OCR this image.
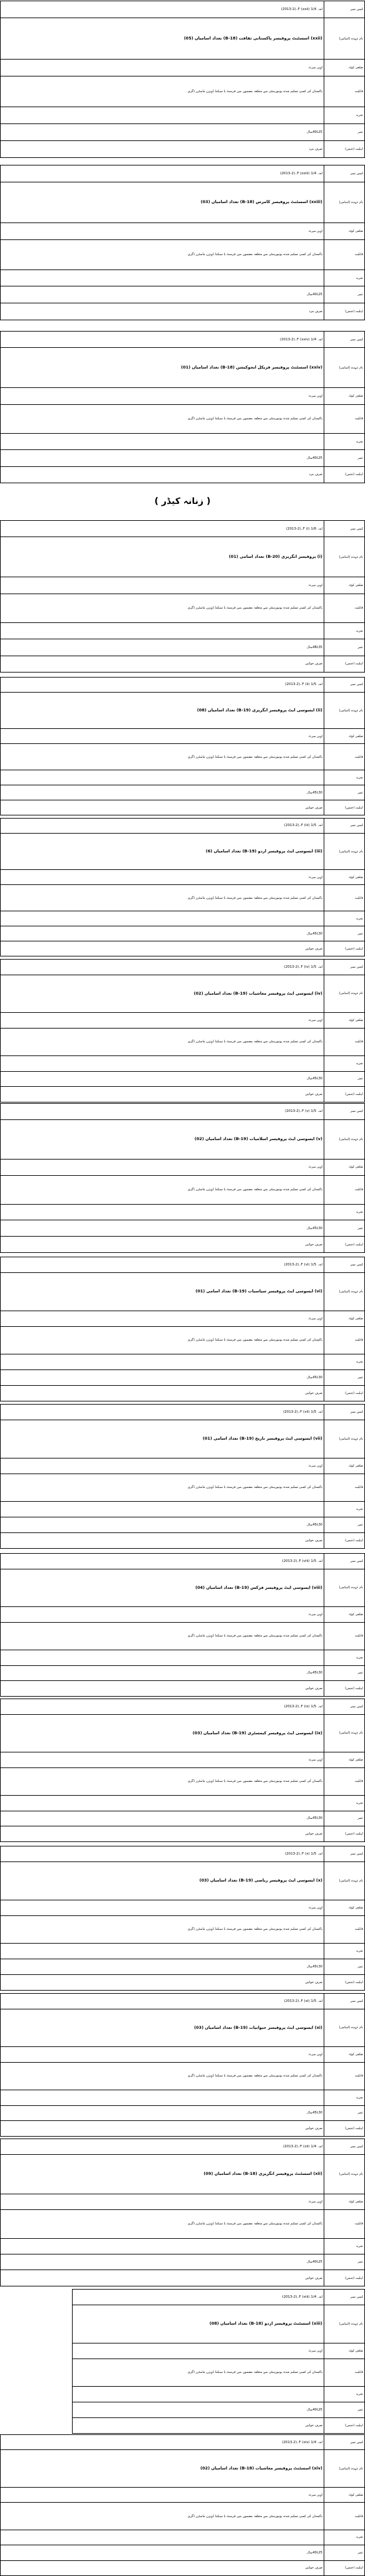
( زنانہ کیڈر )
کیس نمبر	اے۔ 1/4 (xxii) F۔(2-2013)
نام عہدہ (اسامی)	(xxii) اسسٹنٹ پروفیسر پاکستانی ثقافت (B-18) تعداد اسامیاں (05)
ضلعی کوٹہ	اوپن میرٹ
قابلیت	پاکستان کی کسی تسلیم شدہ یونیورسٹی سے متعلقہ مضمون میں فرسٹ یا سیکنڈ ڈویژن ماسٹرز ڈگری
تجربہ	
عمر	25تا40سال
اہلیت (جنس)	صرف مرد
کیس نمبر	اے۔ 1/4 (xxiii) F۔(2-2013)
نام عہدہ (اسامی)	(xxiii) اسسٹنٹ پروفیسر کامرس (B-18) تعداد اسامیاں (03)
ضلعی کوٹہ	اوپن میرٹ
قابلیت	پاکستان کی کسی تسلیم شدہ یونیورسٹی سے متعلقہ مضمون میں فرسٹ یا سیکنڈ ڈویژن ماسٹرز ڈگری
تجربہ	
عمر	25تا40سال
اہلیت (جنس)	صرف مرد
کیس نمبر	اے۔ 1/4 (xxiv) F۔(2-2013)
نام عہدہ (اسامی)	(xxiv) اسسٹنٹ پروفیسر فزیکل ایجوکیشن (B-18) تعداد اسامیاں (01)
ضلعی کوٹہ	اوپن میرٹ
قابلیت	پاکستان کی کسی تسلیم شدہ یونیورسٹی سے متعلقہ مضمون میں فرسٹ یا سیکنڈ ڈویژن ماسٹرز ڈگری
تجربہ	
عمر	25تا40سال
اہلیت (جنس)	صرف مرد
کیس نمبر	اے۔ 1/6 (i) F۔(2-2013)
نام عہدہ (اسامی)	(i) پروفیسر انگریزی (B-20) تعداد اسامی (01)
ضلعی کوٹہ	اوپن میرٹ
قابلیت	پاکستان کی کسی تسلیم شدہ یونیورسٹی سے متعلقہ مضمون میں فرسٹ یا سیکنڈ ڈویژن ماسٹرز ڈگری
تجربہ	
عمر	35تا48سال
اہلیت (جنس)	صرف خواتین
کیس نمبر	اے۔ 1/5 (ii) F۔(2-2013)
نام عہدہ (اسامی)	(ii) ایسوسی ایٹ پروفیسر انگریزی (B-19) تعداد اسامیاں (08)
ضلعی کوٹہ	اوپن میرٹ
قابلیت	پاکستان کی کسی تسلیم شدہ یونیورسٹی سے متعلقہ مضمون میں فرسٹ یا سیکنڈ ڈویژن ماسٹرز ڈگری
تجربہ	
عمر	30تا45سال
اہلیت (جنس)	صرف خواتین
کیس نمبر	اے۔ 1/5 (iii) F۔(2-2013)
نام عہدہ (اسامی)	(iii) ایسوسی ایٹ پروفیسر اردو (B-19) تعداد اسامیاں (6)
ضلعی کوٹہ	اوپن میرٹ
قابلیت	پاکستان کی کسی تسلیم شدہ یونیورسٹی سے متعلقہ مضمون میں فرسٹ یا سیکنڈ ڈویژن ماسٹرز ڈگری
تجربہ	
عمر	30تا45سال
اہلیت (جنس)	صرف خواتین
کیس نمبر	اے۔ 1/5 (iv) F۔(2-2013)
نام عہدہ (اسامی)	(iv) ایسوسی ایٹ پروفیسر معاشیات (B-19) تعداد اسامیاں (02)
ضلعی کوٹہ	اوپن میرٹ
قابلیت	پاکستان کی کسی تسلیم شدہ یونیورسٹی سے متعلقہ مضمون میں فرسٹ یا سیکنڈ ڈویژن ماسٹرز ڈگری
تجربہ	
عمر	30تا45سال
اہلیت (جنس)	صرف خواتین
کیس نمبر	اے۔ 1/5 (v) F۔(2-2013)
نام عہدہ (اسامی)	(v) ایسوسی ایٹ پروفیسر اسلامیات (B-19) تعداد اسامیاں (02)
ضلعی کوٹہ	اوپن میرٹ
قابلیت	پاکستان کی کسی تسلیم شدہ یونیورسٹی سے متعلقہ مضمون میں فرسٹ یا سیکنڈ ڈویژن ماسٹرز ڈگری
تجربہ	
عمر	30تا45سال
اہلیت (جنس)	صرف خواتین
کیس نمبر	اے۔ 1/5 (vi) F۔(2-2013)
نام عہدہ (اسامی)	(vi) ایسوسی ایٹ پروفیسر سیاسیات (B-19) تعداد اسامی (01)
ضلعی کوٹہ	اوپن میرٹ
قابلیت	پاکستان کی کسی تسلیم شدہ یونیورسٹی سے متعلقہ مضمون میں فرسٹ یا سیکنڈ ڈویژن ماسٹرز ڈگری
تجربہ	
عمر	30تا45سال
اہلیت (جنس)	صرف خواتین
کیس نمبر	اے۔ 1/5 (vii) F۔(2-2013)
نام عہدہ (اسامی)	(vii) ایسوسی ایٹ پروفیسر تاریخ (B-19) تعداد اسامی (01)
ضلعی کوٹہ	اوپن میرٹ
قابلیت	پاکستان کی کسی تسلیم شدہ یونیورسٹی سے متعلقہ مضمون میں فرسٹ یا سیکنڈ ڈویژن ماسٹرز ڈگری
تجربہ	
عمر	30تا45سال
اہلیت (جنس)	صرف خواتین
کیس نمبر	اے۔ 1/5 (viii) F۔(2-2013)
نام عہدہ (اسامی)	(viii) ایسوسی ایٹ پروفیسر فزکس (B-19) تعداد اسامیاں (04)
ضلعی کوٹہ	اوپن میرٹ
قابلیت	پاکستان کی کسی تسلیم شدہ یونیورسٹی سے متعلقہ مضمون میں فرسٹ یا سیکنڈ ڈویژن ماسٹرز ڈگری
تجربہ	
عمر	30تا45سال
اہلیت (جنس)	صرف خواتین
کیس نمبر	اے۔ 1/5 (ix) F۔(2-2013)
نام عہدہ (اسامی)	(ix) ایسوسی ایٹ پروفیسر کیمسٹری (B-19) تعداد اسامیاں (03)
ضلعی کوٹہ	اوپن میرٹ
قابلیت	پاکستان کی کسی تسلیم شدہ یونیورسٹی سے متعلقہ مضمون میں فرسٹ یا سیکنڈ ڈویژن ماسٹرز ڈگری
تجربہ	
عمر	30تا45سال
اہلیت (جنس)	صرف خواتین
کیس نمبر	اے۔ 1/5 (x) F۔(2-2013)
نام عہدہ (اسامی)	(x) ایسوسی ایٹ پروفیسر ریاضی (B-19) تعداد اسامیاں (03)
ضلعی کوٹہ	اوپن میرٹ
قابلیت	پاکستان کی کسی تسلیم شدہ یونیورسٹی سے متعلقہ مضمون میں فرسٹ یا سیکنڈ ڈویژن ماسٹرز ڈگری
تجربہ	
عمر	30تا45سال
اہلیت (جنس)	صرف خواتین
کیس نمبر	اے۔ 1/5 (xi) F۔(2-2013)
نام عہدہ (اسامی)	(xi) ایسوسی ایٹ پروفیسر حیوانیات (B-19) تعداد اسامیاں (03)
ضلعی کوٹہ	اوپن میرٹ
قابلیت	پاکستان کی کسی تسلیم شدہ یونیورسٹی سے متعلقہ مضمون میں فرسٹ یا سیکنڈ ڈویژن ماسٹرز ڈگری
تجربہ	
عمر	30تا45سال
اہلیت (جنس)	صرف خواتین
کیس نمبر	اے۔ 1/4 (xii) F۔(2-2013)
نام عہدہ (اسامی)	(xii) اسسٹنٹ پروفیسر انگریزی (B-18) تعداد اسامیاں (09)
ضلعی کوٹہ	اوپن میرٹ
قابلیت	پاکستان کی کسی تسلیم شدہ یونیورسٹی سے متعلقہ مضمون میں فرسٹ یا سیکنڈ ڈویژن ماسٹرز ڈگری
تجربہ	
عمر	25تا40سال
اہلیت (جنس)	صرف خواتین
کیس نمبر	اے۔ 1/4 (xiii) F۔(2-2013)
نام عہدہ (اسامی)	(xiii) اسسٹنٹ پروفیسر اردو (B-18) تعداد اسامیاں (08)
ضلعی کوٹہ	اوپن میرٹ
قابلیت	پاکستان کی کسی تسلیم شدہ یونیورسٹی سے متعلقہ مضمون میں فرسٹ یا سیکنڈ ڈویژن ماسٹرز ڈگری
تجربہ	
عمر	25تا40سال
اہلیت (جنس)	صرف خواتین
کیس نمبر	اے۔ 1/4 (xiv) F۔(2-2013)
نام عہدہ (اسامی)	(xiv) اسسٹنٹ پروفیسر معاشیات (B-18) تعداد اسامیاں (02)
ضلعی کوٹہ	اوپن میرٹ
قابلیت	پاکستان کی کسی تسلیم شدہ یونیورسٹی سے متعلقہ مضمون میں فرسٹ یا سیکنڈ ڈویژن ماسٹرز ڈگری
تجربہ	
عمر	25تا40سال
اہلیت (جنس)	صرف خواتین
